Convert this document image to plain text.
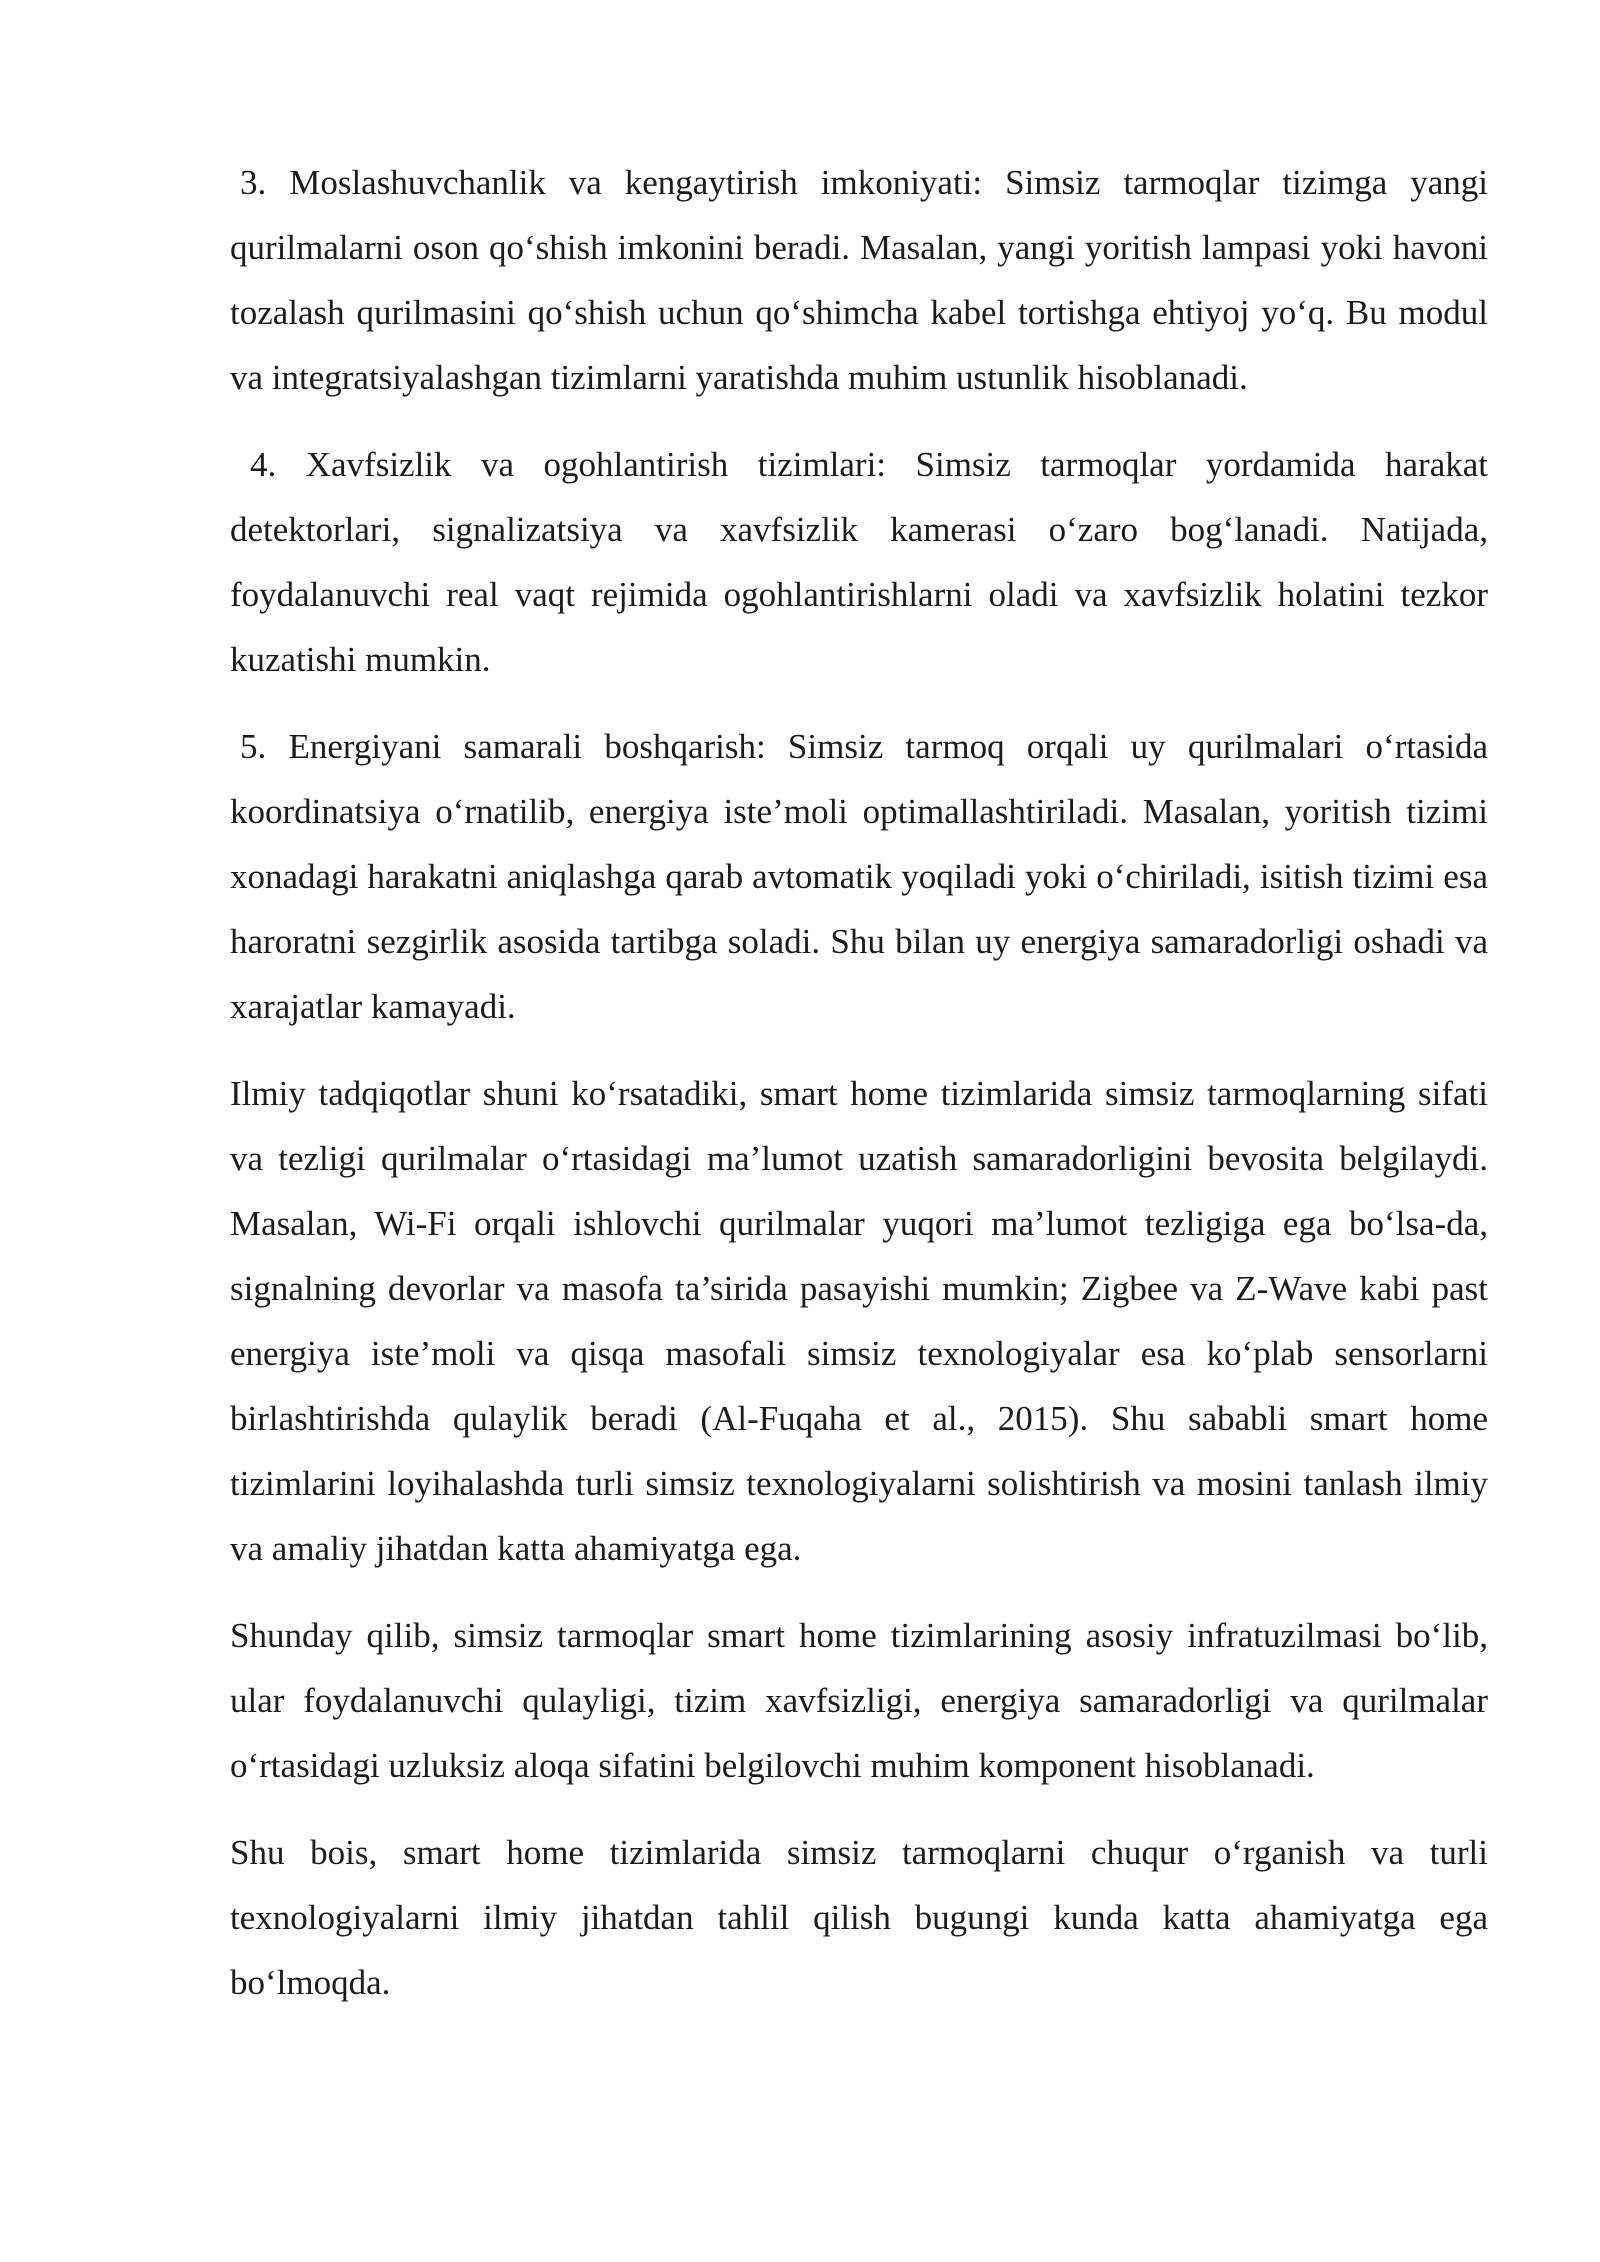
3. Moslashuvchanlik va kengaytirish imkoniyati: Simsiz tarmoqlar tizimga yangi qurilmalarni oson qo‘shish imkonini beradi. Masalan, yangi yoritish lampasi yoki havoni tozalash qurilmasini qo‘shish uchun qo‘shimcha kabel tortishga ehtiyoj yo‘q. Bu modul va integratsiyalashgan tizimlarni yaratishda muhim ustunlik hisoblanadi.

4. Xavfsizlik va ogohlantirish tizimlari: Simsiz tarmoqlar yordamida harakat detektorlari, signalizatsiya va xavfsizlik kamerasi o‘zaro bog‘lanadi. Natijada, foydalanuvchi real vaqt rejimida ogohlantirishlarni oladi va xavfsizlik holatini tezkor kuzatishi mumkin.

5. Energiyani samarali boshqarish: Simsiz tarmoq orqali uy qurilmalari o‘rtasida koordinatsiya o‘rnatilib, energiya iste’moli optimallashtiriladi. Masalan, yoritish tizimi xonadagi harakatni aniqlashga qarab avtomatik yoqiladi yoki o‘chiriladi, isitish tizimi esa haroratni sezgirlik asosida tartibga soladi. Shu bilan uy energiya samaradorligi oshadi va xarajatlar kamayadi.

Ilmiy tadqiqotlar shuni ko‘rsatadiki, smart home tizimlarida simsiz tarmoqlarning sifati va tezligi qurilmalar o‘rtasidagi ma’lumot uzatish samaradorligini bevosita belgilaydi. Masalan, Wi-Fi orqali ishlovchi qurilmalar yuqori ma’lumot tezligiga ega bo‘lsa-da, signalning devorlar va masofa ta’sirida pasayishi mumkin; Zigbee va Z-Wave kabi past energiya iste’moli va qisqa masofali simsiz texnologiyalar esa ko‘plab sensorlarni birlashtirishda qulaylik beradi (Al-Fuqaha et al., 2015). Shu sababli smart home tizimlarini loyihalashda turli simsiz texnologiyalarni solishtirish va mosini tanlash ilmiy va amaliy jihatdan katta ahamiyatga ega.

Shunday qilib, simsiz tarmoqlar smart home tizimlarining asosiy infratuzilmasi bo‘lib, ular foydalanuvchi qulayligi, tizim xavfsizligi, energiya samaradorligi va qurilmalar o‘rtasidagi uzluksiz aloqa sifatini belgilovchi muhim komponent hisoblanadi.

Shu bois, smart home tizimlarida simsiz tarmoqlarni chuqur o‘rganish va turli texnologiyalarni ilmiy jihatdan tahlil qilish bugungi kunda katta ahamiyatga ega bo‘lmoqda.
